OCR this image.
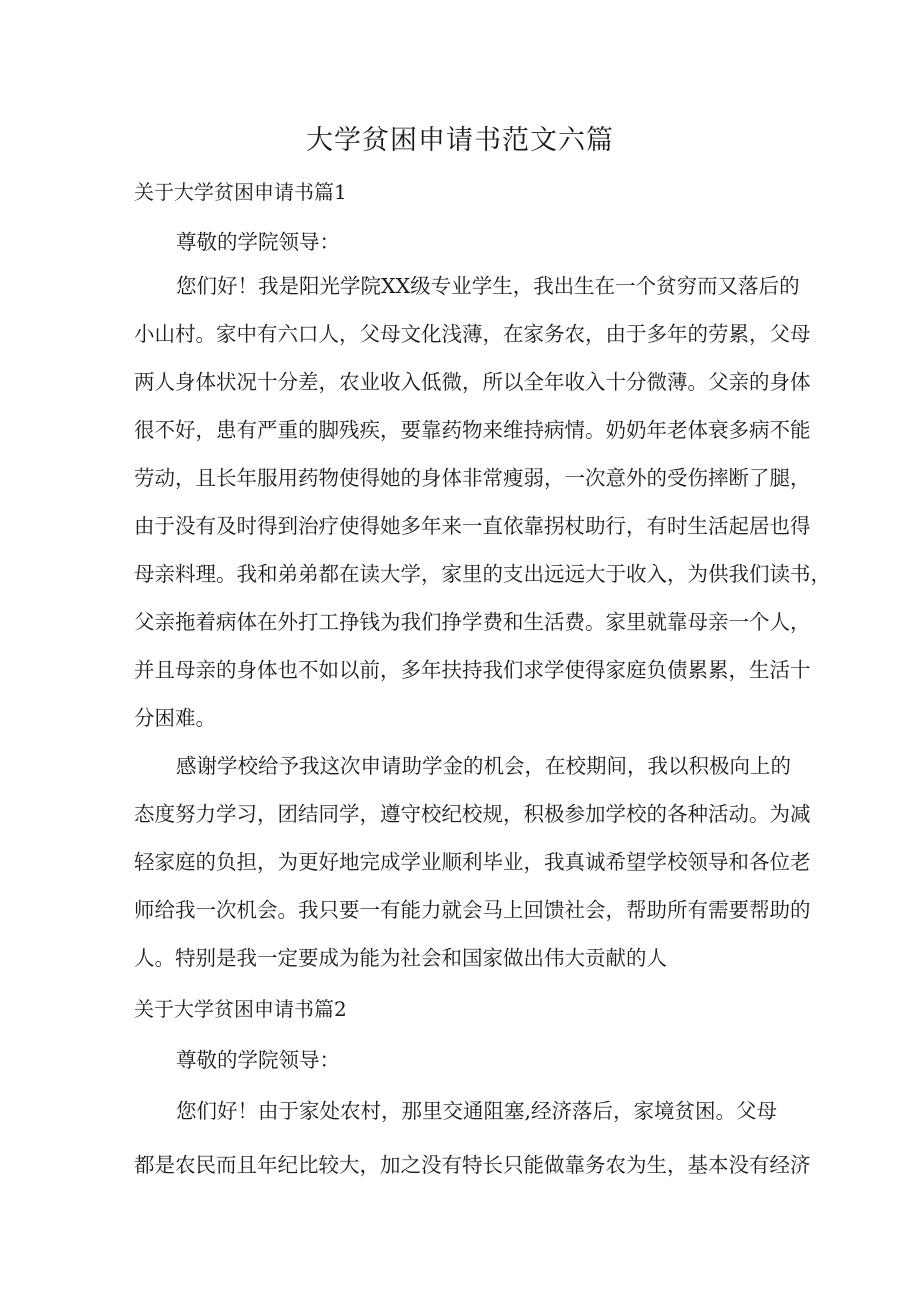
大学贫困申请书范文六篇
关于大学贫困申请书篇1
尊敬的学院领导：
您们好！我是阳光学院XX级专业学生，我出生在一个贫穷而又落后的
小山村。家中有六口人，父母文化浅薄，在家务农，由于多年的劳累，父母
两人身体状况十分差，农业收入低微，所以全年收入十分微薄。父亲的身体
很不好，患有严重的脚残疾，要靠药物来维持病情。奶奶年老体衰多病不能
劳动，且长年服用药物使得她的身体非常瘦弱，一次意外的受伤摔断了腿，
由于没有及时得到治疗使得她多年来一直依靠拐杖助行，有时生活起居也得
母亲料理。我和弟弟都在读大学，家里的支出远远大于收入，为供我们读书，
父亲拖着病体在外打工挣钱为我们挣学费和生活费。家里就靠母亲一个人，
并且母亲的身体也不如以前，多年扶持我们求学使得家庭负债累累，生活十
分困难。
感谢学校给予我这次申请助学金的机会，在校期间，我以积极向上的
态度努力学习，团结同学，遵守校纪校规，积极参加学校的各种活动。为减
轻家庭的负担，为更好地完成学业顺利毕业，我真诚希望学校领导和各位老
师给我一次机会。我只要一有能力就会马上回馈社会，帮助所有需要帮助的
人。特别是我一定要成为能为社会和国家做出伟大贡献的人
关于大学贫困申请书篇2
尊敬的学院领导：
您们好！由于家处农村，那里交通阻塞,经济落后，家境贫困。父母
都是农民而且年纪比较大，加之没有特长只能做靠务农为生，基本没有经济
